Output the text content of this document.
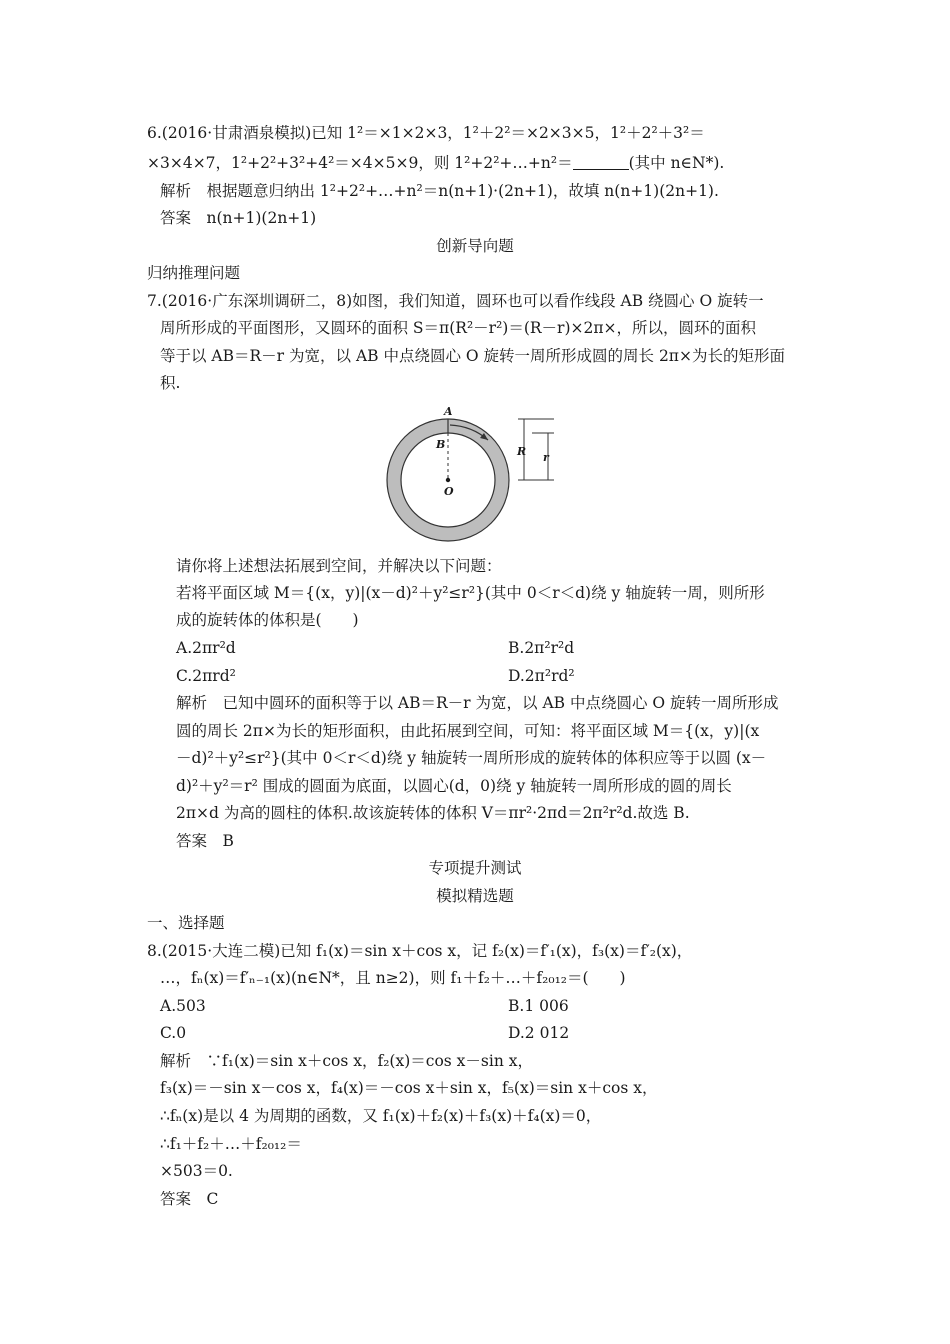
6.(2016·甘肃酒泉模拟)已知 1²＝×1×2×3，1²＋2²＝×2×3×5，1²＋2²＋3²＝
×3×4×7，1²+2²+3²+4²＝×4×5×9，则 1²+2²+…+n²＝	(其中 n∈N*).
解析　根据题意归纳出 1²+2²+…+n²＝n(n+1)·(2n+1)，故填 n(n+1)(2n+1).
答案　n(n+1)(2n+1)
创新导向题
归纳推理问题
7.(2016·广东深圳调研二，8)如图，我们知道，圆环也可以看作线段 AB 绕圆心 O 旋转一
周所形成的平面图形，又圆环的面积 S＝π(R²－r²)＝(R－r)×2π×，所以，圆环的面积
等于以 AB＝R－r 为宽，以 AB 中点绕圆心 O 旋转一周所形成圆的周长 2π×为长的矩形面
积.
A
B
O
R r
请你将上述想法拓展到空间，并解决以下问题：
若将平面区域 M＝{(x，y)|(x－d)²＋y²≤r²}(其中 0＜r＜d)绕 y 轴旋转一周，则所形
成的旋转体的体积是(　　)
A.2πr²d	B.2π²r²d
C.2πrd²	D.2π²rd²
解析　已知中圆环的面积等于以 AB＝R－r 为宽，以 AB 中点绕圆心 O 旋转一周所形成
圆的周长 2π×为长的矩形面积，由此拓展到空间，可知：将平面区域 M＝{(x，y)|(x
－d)²＋y²≤r²}(其中 0＜r＜d)绕 y 轴旋转一周所形成的旋转体的体积应等于以圆 (x－
d)²＋y²＝r² 围成的圆面为底面，以圆心(d，0)绕 y 轴旋转一周所形成的圆的周长
2π×d 为高的圆柱的体积.故该旋转体的体积 V＝πr²·2πd＝2π²r²d.故选 B.
答案　B
专项提升测试
模拟精选题
一、选择题
8.(2015·大连二模)已知 f₁(x)＝sin x＋cos x，记 f₂(x)＝f′₁(x)，f₃(x)＝f′₂(x)，
…，fₙ(x)＝f′ₙ₋₁(x)(n∈N*，且 n≥2)，则 f₁＋f₂＋…＋f₂₀₁₂＝(　　)
A.503	B.1 006
C.0	D.2 012
解析　∵f₁(x)＝sin x＋cos x，f₂(x)＝cos x－sin x，
f₃(x)＝－sin x－cos x，f₄(x)＝－cos x＋sin x，f₅(x)＝sin x＋cos x，
∴fₙ(x)是以 4 为周期的函数，又 f₁(x)＋f₂(x)＋f₃(x)＋f₄(x)＝0，
∴f₁＋f₂＋…＋f₂₀₁₂＝
×503＝0.
答案　C
